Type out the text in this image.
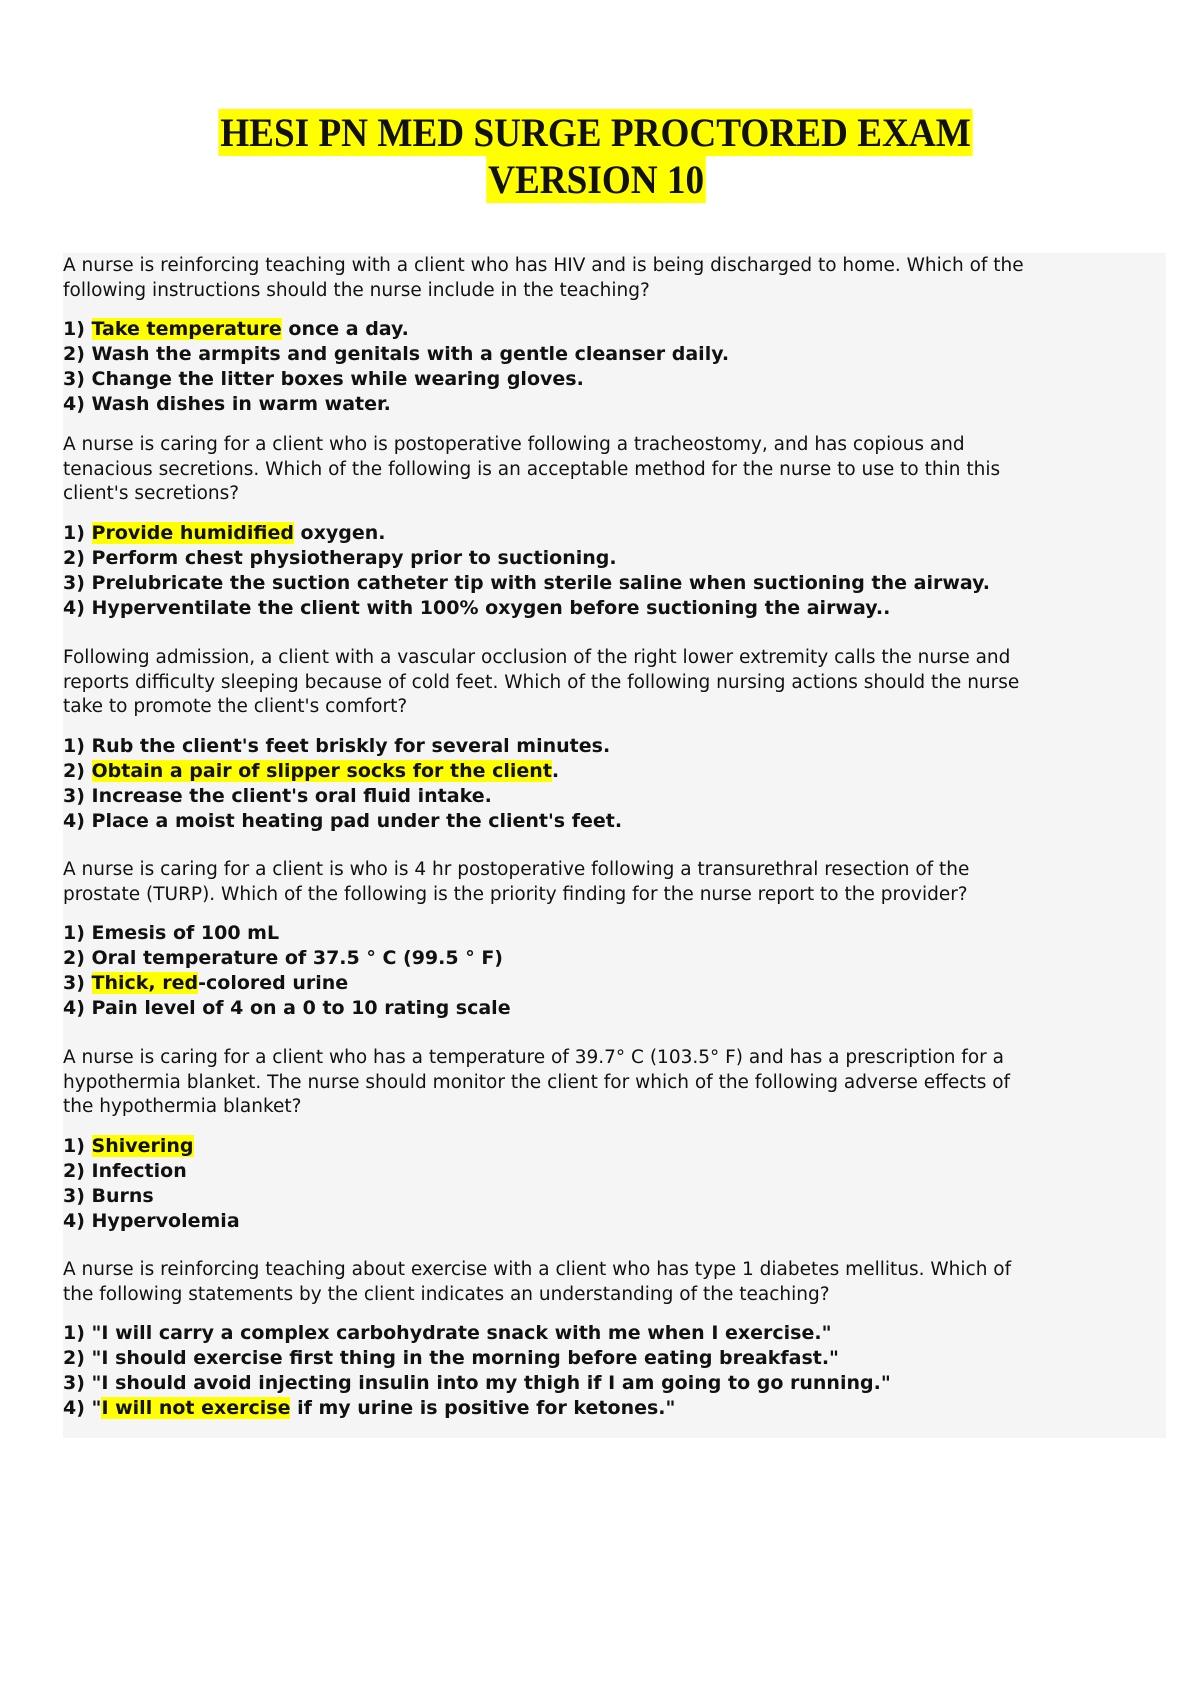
HESI PN MED SURGE PROCTORED EXAM
VERSION 10
A nurse is reinforcing teaching with a client who has HIV and is being discharged to home. Which of the
following instructions should the nurse include in the teaching?
1) Take temperature once a day.
2) Wash the armpits and genitals with a gentle cleanser daily.
3) Change the litter boxes while wearing gloves.
4) Wash dishes in warm water.
A nurse is caring for a client who is postoperative following a tracheostomy, and has copious and
tenacious secretions. Which of the following is an acceptable method for the nurse to use to thin this
client's secretions?
1) Provide humidified oxygen.
2) Perform chest physiotherapy prior to suctioning.
3) Prelubricate the suction catheter tip with sterile saline when suctioning the airway.
4) Hyperventilate the client with 100% oxygen before suctioning the airway..
Following admission, a client with a vascular occlusion of the right lower extremity calls the nurse and
reports difficulty sleeping because of cold feet. Which of the following nursing actions should the nurse
take to promote the client's comfort?
1) Rub the client's feet briskly for several minutes.
2) Obtain a pair of slipper socks for the client.
3) Increase the client's oral fluid intake.
4) Place a moist heating pad under the client's feet.
A nurse is caring for a client is who is 4 hr postoperative following a transurethral resection of the
prostate (TURP). Which of the following is the priority finding for the nurse report to the provider?
1) Emesis of 100 mL
2) Oral temperature of 37.5 ° C (99.5 ° F)
3) Thick, red-colored urine
4) Pain level of 4 on a 0 to 10 rating scale
A nurse is caring for a client who has a temperature of 39.7° C (103.5° F) and has a prescription for a
hypothermia blanket. The nurse should monitor the client for which of the following adverse effects of
the hypothermia blanket?
1) Shivering
2) Infection
3) Burns
4) Hypervolemia
A nurse is reinforcing teaching about exercise with a client who has type 1 diabetes mellitus. Which of
the following statements by the client indicates an understanding of the teaching?
1) "I will carry a complex carbohydrate snack with me when I exercise."
2) "I should exercise first thing in the morning before eating breakfast."
3) "I should avoid injecting insulin into my thigh if I am going to go running."
4) "I will not exercise if my urine is positive for ketones."
